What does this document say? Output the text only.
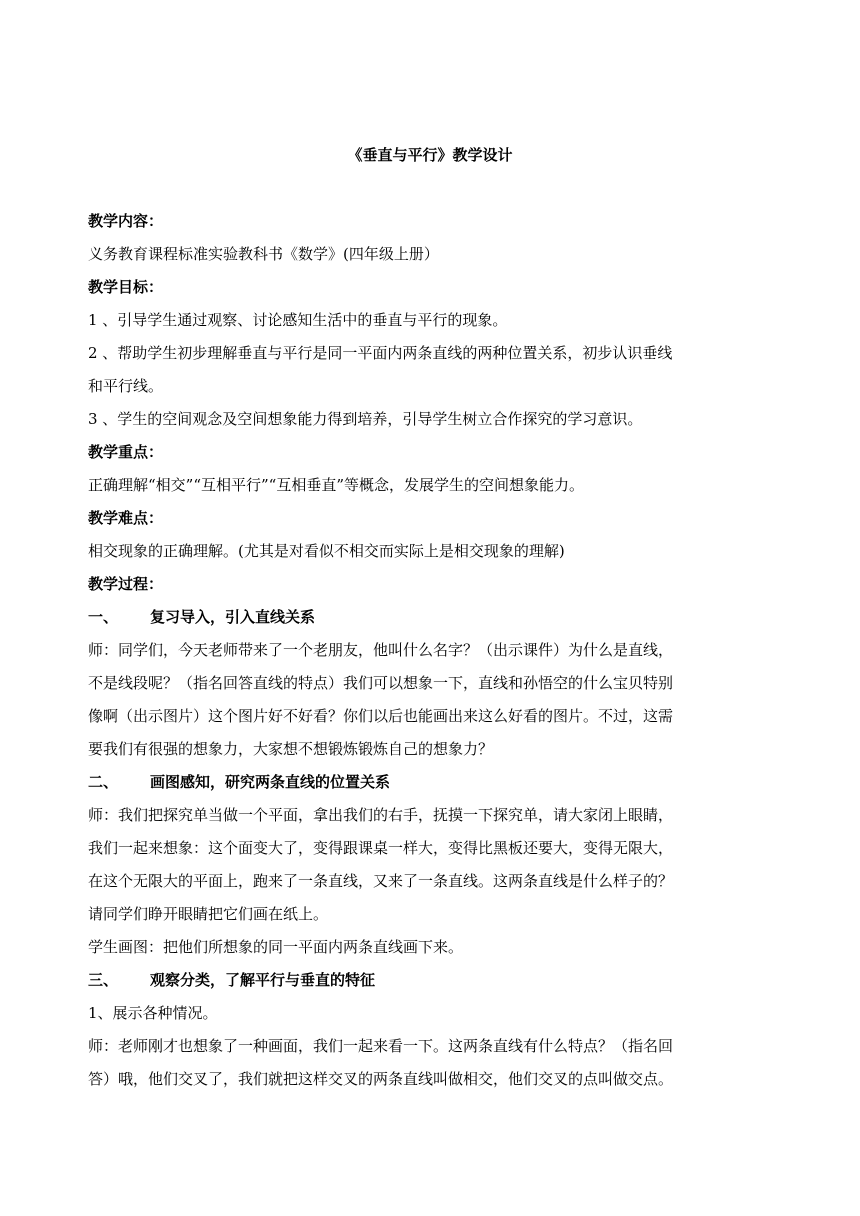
《垂直与平行》教学设计
教学内容：
义务教育课程标准实验教科书《数学》(四年级上册）
教学目标：
1 、引导学生通过观察、讨论感知生活中的垂直与平行的现象。
2 、帮助学生初步理解垂直与平行是同一平面内两条直线的两种位置关系，初步认识垂线
和平行线。
3 、学生的空间观念及空间想象能力得到培养，引导学生树立合作探究的学习意识。
教学重点：
正确理解“相交”“互相平行”“互相垂直”等概念，发展学生的空间想象能力。
教学难点：
相交现象的正确理解。(尤其是对看似不相交而实际上是相交现象的理解)
教学过程：
一、 复习导入，引入直线关系
师：同学们，今天老师带来了一个老朋友，他叫什么名字？（出示课件）为什么是直线，
不是线段呢？（指名回答直线的特点）我们可以想象一下，直线和孙悟空的什么宝贝特别
像啊（出示图片）这个图片好不好看？你们以后也能画出来这么好看的图片。不过，这需
要我们有很强的想象力，大家想不想锻炼锻炼自己的想象力？
二、 画图感知，研究两条直线的位置关系
师：我们把探究单当做一个平面，拿出我们的右手，抚摸一下探究单，请大家闭上眼睛，
我们一起来想象：这个面变大了，变得跟课桌一样大，变得比黑板还要大，变得无限大，
在这个无限大的平面上，跑来了一条直线，又来了一条直线。这两条直线是什么样子的？
请同学们睁开眼睛把它们画在纸上。
学生画图：把他们所想象的同一平面内两条直线画下来。
三、 观察分类，了解平行与垂直的特征
1、展示各种情况。
师：老师刚才也想象了一种画面，我们一起来看一下。这两条直线有什么特点？（指名回
答）哦，他们交叉了，我们就把这样交叉的两条直线叫做相交，他们交叉的点叫做交点。
